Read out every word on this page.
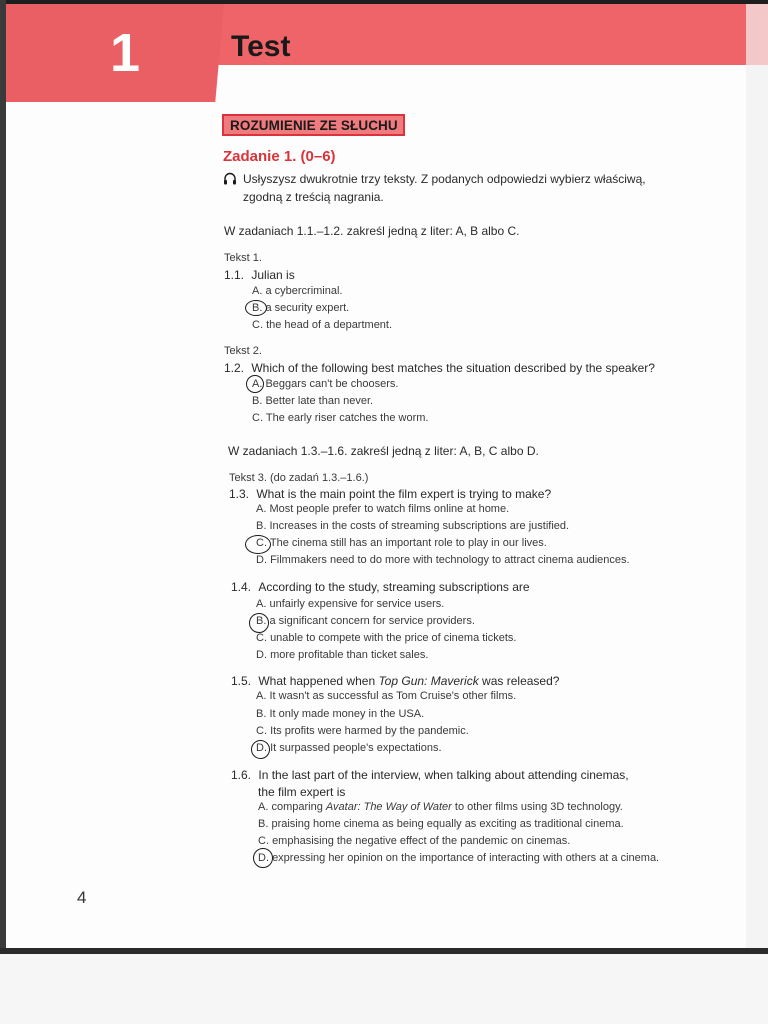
1	Test
ROZUMIENIE ZE SŁUCHU
Zadanie 1. (0–6)
Usłyszysz dwukrotnie trzy teksty. Z podanych odpowiedzi wybierz właściwą,
zgodną z treścią nagrania.
W zadaniach 1.1.–1.2. zakreśl jedną z liter: A, B albo C.
Tekst 1.
1.1. Julian is
A. a cybercriminal.
B. a security expert.
C. the head of a department.
Tekst 2.
1.2. Which of the following best matches the situation described by the speaker?
A. Beggars can't be choosers.
B. Better late than never.
C. The early riser catches the worm.
W zadaniach 1.3.–1.6. zakreśl jedną z liter: A, B, C albo D.
Tekst 3. (do zadań 1.3.–1.6.)
1.3. What is the main point the film expert is trying to make?
A. Most people prefer to watch films online at home.
B. Increases in the costs of streaming subscriptions are justified.
C. The cinema still has an important role to play in our lives.
D. Filmmakers need to do more with technology to attract cinema audiences.
1.4. According to the study, streaming subscriptions are
A. unfairly expensive for service users.
B. a significant concern for service providers.
C. unable to compete with the price of cinema tickets.
D. more profitable than ticket sales.
1.5. What happened when Top Gun: Maverick was released?
A. It wasn't as successful as Tom Cruise's other films.
B. It only made money in the USA.
C. Its profits were harmed by the pandemic.
D. It surpassed people's expectations.
1.6. In the last part of the interview, when talking about attending cinemas,
the film expert is
A. comparing Avatar: The Way of Water to other films using 3D technology.
B. praising home cinema as being equally as exciting as traditional cinema.
C. emphasising the negative effect of the pandemic on cinemas.
D. expressing her opinion on the importance of interacting with others at a cinema.
4
